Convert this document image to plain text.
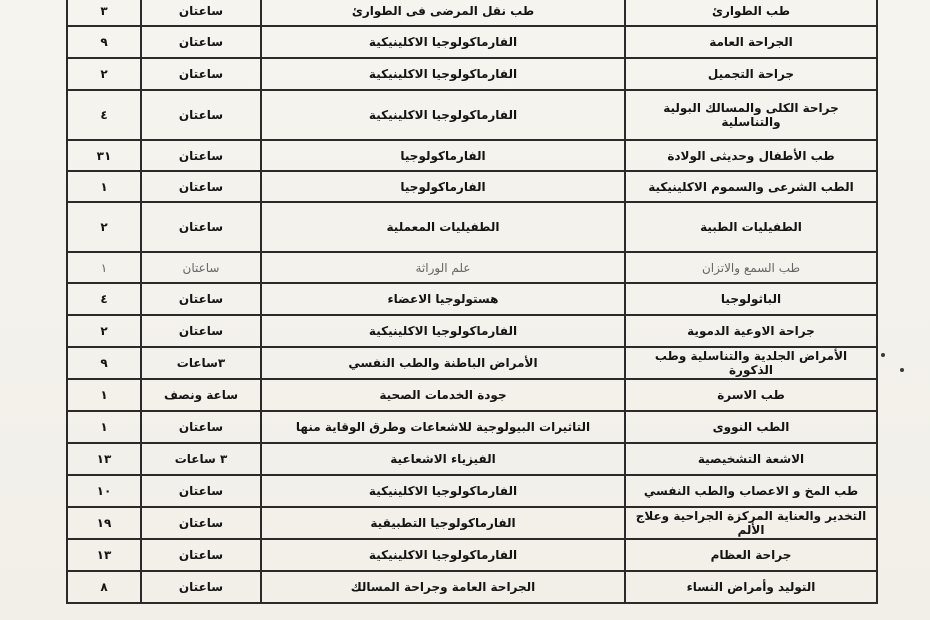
طب الطوارئ	طب نقل المرضى فى الطوارئ	ساعتان	٣
الجراحة العامة	الفارماكولوجيا الاكلينيكية	ساعتان	٩
جراحة التجميل	الفارماكولوجيا الاكلينيكية	ساعتان	٢
جراحة الكلى والمسالك البولية والتناسلية	الفارماكولوجيا الاكلينيكية	ساعتان	٤
طب الأطفال وحديثى الولادة	الفارماكولوجيا	ساعتان	٣١
الطب الشرعى والسموم الاكلينيكية	الفارماكولوجيا	ساعتان	١
الطفيليات الطبية	الطفيليات المعملية	ساعتان	٢
طب السمع والاتزان	علم الوراثة	ساعتان	١
الباثولوجيا	هستولوجيا الاعضاء	ساعتان	٤
جراحة الاوعية الدموية	الفارماكولوجيا الاكلينيكية	ساعتان	٢
الأمراض الجلدية والتناسلية وطب الذكورة	الأمراض الباطنة والطب النفسي	٣ساعات	٩
طب الاسرة	جودة الخدمات الصحية	ساعة ونصف	١
الطب النووى	التاثيرات البيولوجية للاشعاعات وطرق الوقاية منها	ساعتان	١
الاشعة التشخيصية	الفيزياء الاشعاعية	٣ ساعات	١٣
طب المخ و الاعصاب والطب النفسي	الفارماكولوجيا الاكلينيكية	ساعتان	١٠
التخدير والعناية المركزة الجراحية وعلاج الألم	الفارماكولوجيا التطبيقية	ساعتان	١٩
جراحة العظام	الفارماكولوجيا الاكلينيكية	ساعتان	١٣
التوليد وأمراض النساء	الجراحة العامة وجراحة المسالك	ساعتان	٨
